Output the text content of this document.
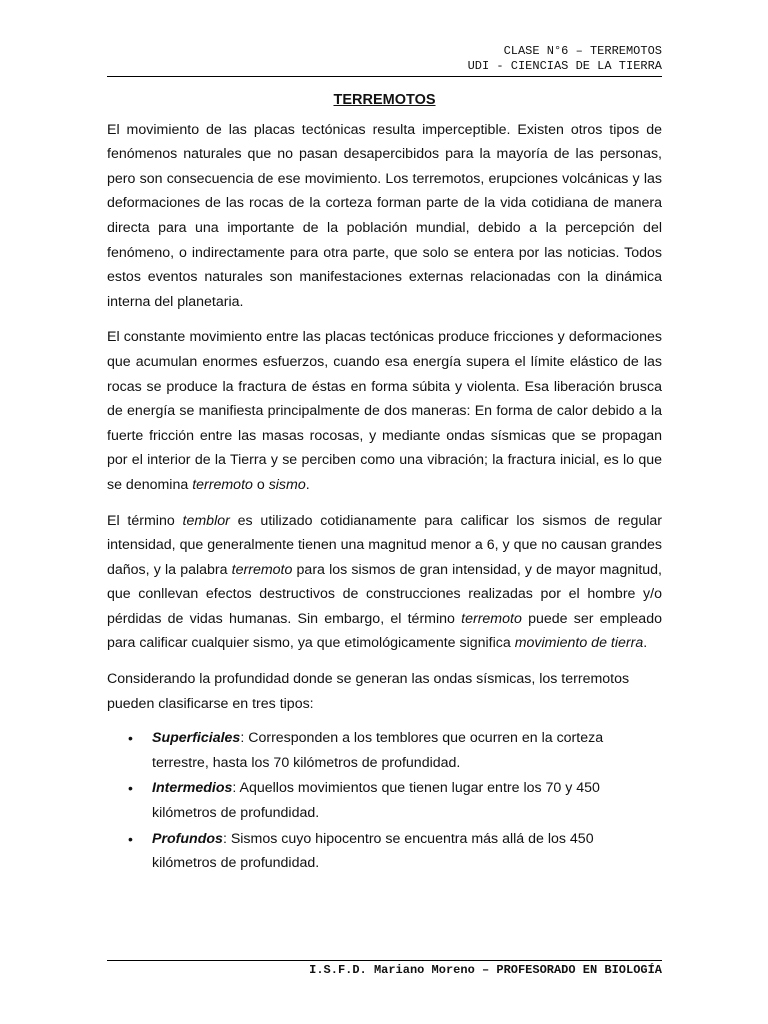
CLASE N°6 – TERREMOTOS
UDI - CIENCIAS DE LA TIERRA
TERREMOTOS

El movimiento de las placas tectónicas resulta imperceptible. Existen otros tipos de fenómenos naturales que no pasan desapercibidos para la mayoría de las personas, pero son consecuencia de ese movimiento. Los terremotos, erupciones volcánicas y las deformaciones de las rocas de la corteza forman parte de la vida cotidiana de manera directa para una importante de la población mundial, debido a la percepción del fenómeno, o indirectamente para otra parte, que solo se entera por las noticias. Todos estos eventos naturales son manifestaciones externas relacionadas con la dinámica interna del planetaria.

El constante movimiento entre las placas tectónicas produce fricciones y deformaciones que acumulan enormes esfuerzos, cuando esa energía supera el límite elástico de las rocas se produce la fractura de éstas en forma súbita y violenta. Esa liberación brusca de energía se manifiesta principalmente de dos maneras: En forma de calor debido a la fuerte fricción entre las masas rocosas, y mediante ondas sísmicas que se propagan por el interior de la Tierra y se perciben como una vibración; la fractura inicial, es lo que se denomina terremoto o sismo.

El término temblor es utilizado cotidianamente para calificar los sismos de regular intensidad, que generalmente tienen una magnitud menor a 6, y que no causan grandes daños, y la palabra terremoto para los sismos de gran intensidad, y de mayor magnitud, que conllevan efectos destructivos de construcciones realizadas por el hombre y/o pérdidas de vidas humanas. Sin embargo, el término terremoto puede ser empleado para calificar cualquier sismo, ya que etimológicamente significa movimiento de tierra.

Considerando la profundidad donde se generan las ondas sísmicas, los terremotos pueden clasificarse en tres tipos:

• Superficiales: Corresponden a los temblores que ocurren en la corteza terrestre, hasta los 70 kilómetros de profundidad.
• Intermedios: Aquellos movimientos que tienen lugar entre los 70 y 450 kilómetros de profundidad.
• Profundos: Sismos cuyo hipocentro se encuentra más allá de los 450 kilómetros de profundidad.
I.S.F.D. Mariano Moreno – PROFESORADO EN BIOLOGÍA
